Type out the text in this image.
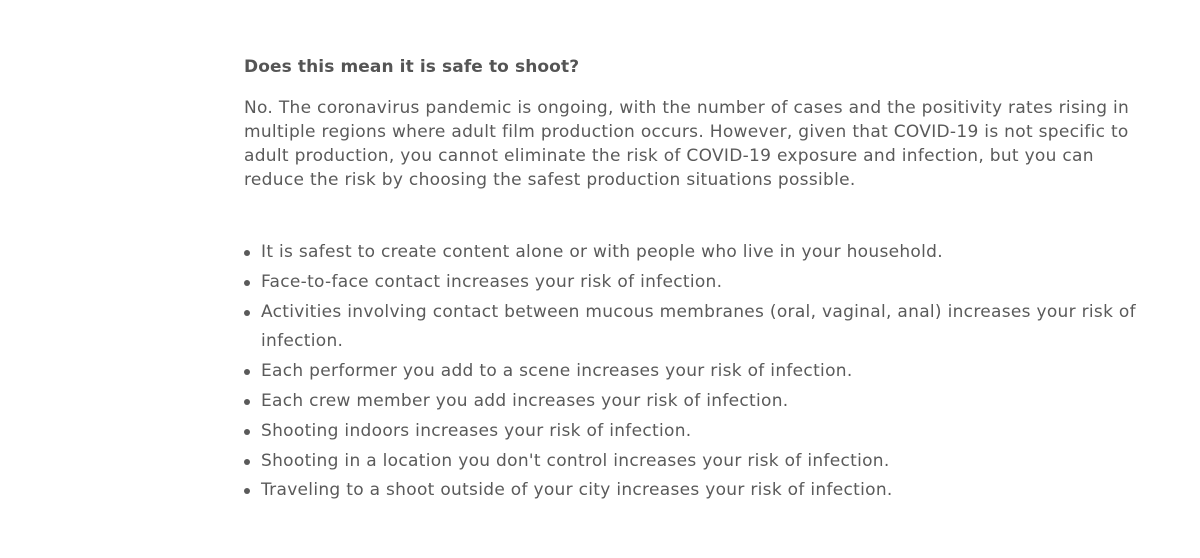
Does this mean it is safe to shoot?

No. The coronavirus pandemic is ongoing, with the number of cases and the positivity rates rising in multiple regions where adult film production occurs. However, given that COVID-19 is not specific to adult production, you cannot eliminate the risk of COVID-19 exposure and infection, but you can reduce the risk by choosing the safest production situations possible.

It is safest to create content alone or with people who live in your household.
Face-to-face contact increases your risk of infection.
Activities involving contact between mucous membranes (oral, vaginal, anal) increases your risk of infection.
Each performer you add to a scene increases your risk of infection.
Each crew member you add increases your risk of infection.
Shooting indoors increases your risk of infection.
Shooting in a location you don't control increases your risk of infection.
Traveling to a shoot outside of your city increases your risk of infection.
